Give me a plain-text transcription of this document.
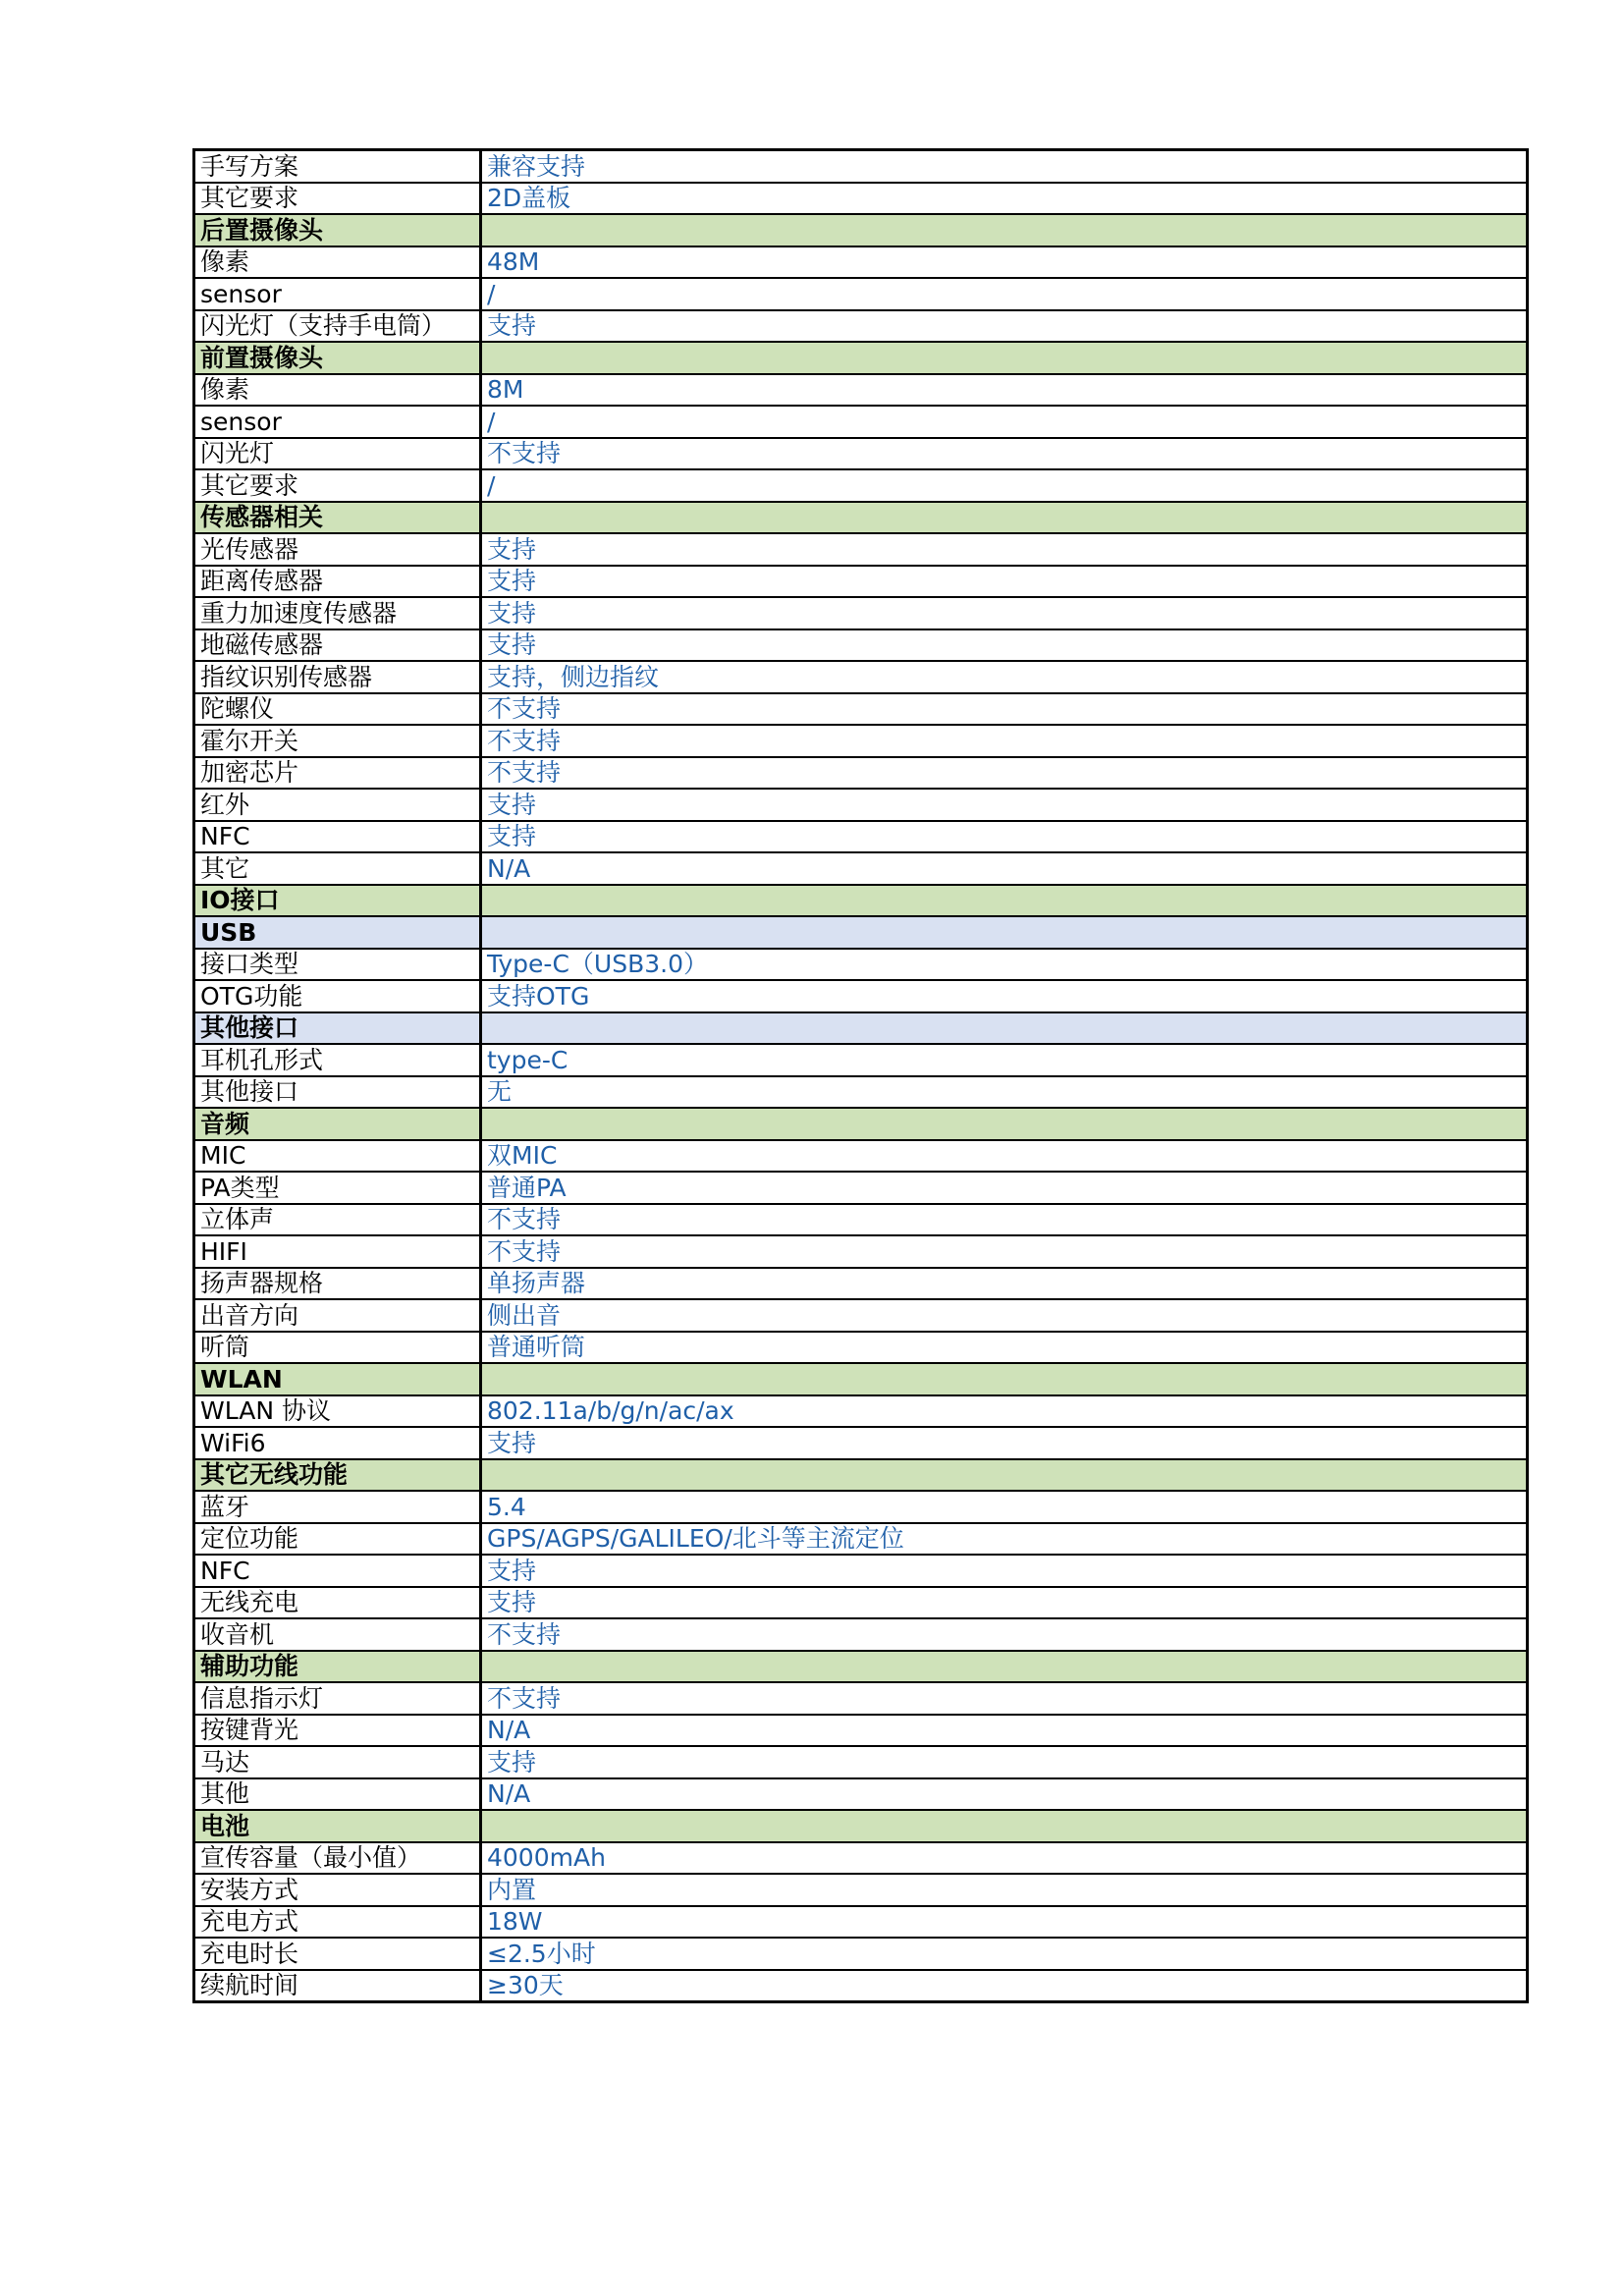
手写方案	兼容支持
其它要求	2D盖板
后置摄像头	
像素	48M
sensor	/
闪光灯（支持手电筒）	支持
前置摄像头	
像素	8M
sensor	/
闪光灯	不支持
其它要求	/
传感器相关	
光传感器	支持
距离传感器	支持
重力加速度传感器	支持
地磁传感器	支持
指纹识别传感器	支持，侧边指纹
陀螺仪	不支持
霍尔开关	不支持
加密芯片	不支持
红外	支持
NFC	支持
其它	N/A
IO接口	
USB	
接口类型	Type-C（USB3.0）
OTG功能	支持OTG
其他接口	
耳机孔形式	type-C
其他接口	无
音频	
MIC	双MIC
PA类型	普通PA
立体声	不支持
HIFI	不支持
扬声器规格	单扬声器
出音方向	侧出音
听筒	普通听筒
WLAN	
WLAN 协议	802.11a/b/g/n/ac/ax
WiFi6	支持
其它无线功能	
蓝牙	5.4
定位功能	GPS/AGPS/GALILEO/北斗等主流定位
NFC	支持
无线充电	支持
收音机	不支持
辅助功能	
信息指示灯	不支持
按键背光	N/A
马达	支持
其他	N/A
电池	
宣传容量（最小值）	4000mAh
安装方式	内置
充电方式	18W
充电时长	≤2.5小时
续航时间	≥30天
